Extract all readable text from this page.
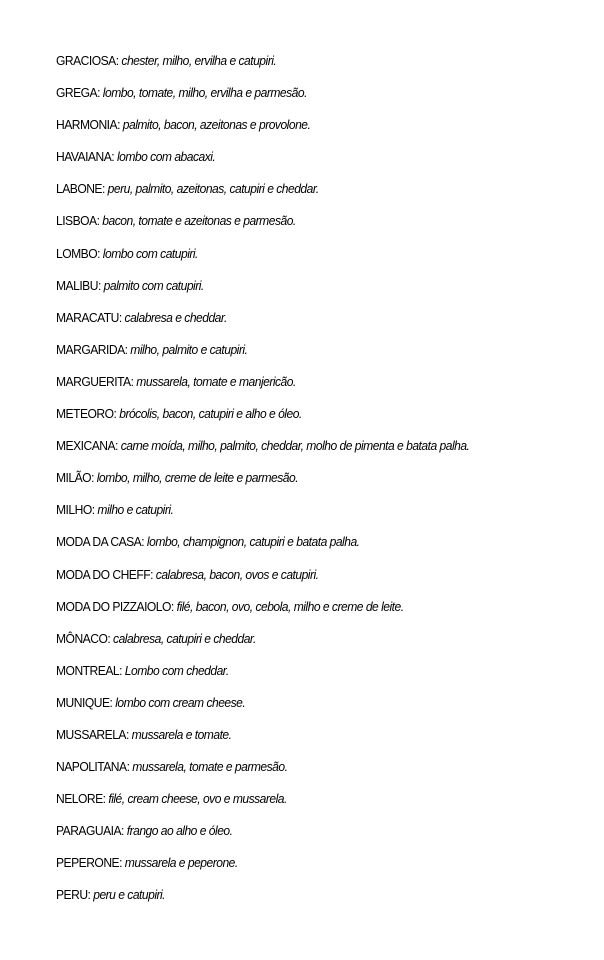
GRACIOSA: chester, milho, ervilha e catupiri.
GREGA: lombo, tomate, milho, ervilha e parmesão.
HARMONIA: palmito, bacon, azeitonas e provolone.
HAVAIANA: lombo com abacaxi.
LABONE: peru, palmito, azeitonas, catupiri e cheddar.
LISBOA: bacon, tomate e azeitonas e parmesão.
LOMBO: lombo com catupiri.
MALIBU: palmito com catupiri.
MARACATU: calabresa e cheddar.
MARGARIDA: milho, palmito e catupiri.
MARGUERITA: mussarela, tomate e manjericão.
METEORO: brócolis, bacon, catupiri e alho e óleo.
MEXICANA: carne moída, milho, palmito, cheddar, molho de pimenta e batata palha.
MILÃO: lombo, milho, creme de leite e parmesão.
MILHO: milho e catupiri.
MODA DA CASA: lombo, champignon, catupiri e batata palha.
MODA DO CHEFF: calabresa, bacon, ovos e catupiri.
MODA DO PIZZAIOLO: filé, bacon, ovo, cebola, milho e creme de leite.
MÔNACO: calabresa, catupiri e cheddar.
MONTREAL: Lombo com cheddar.
MUNIQUE: lombo com cream cheese.
MUSSARELA: mussarela e tomate.
NAPOLITANA: mussarela, tomate e parmesão.
NELORE: filé, cream cheese, ovo e mussarela.
PARAGUAIA: frango ao alho e óleo.
PEPERONE: mussarela e peperone.
PERU: peru e catupiri.
